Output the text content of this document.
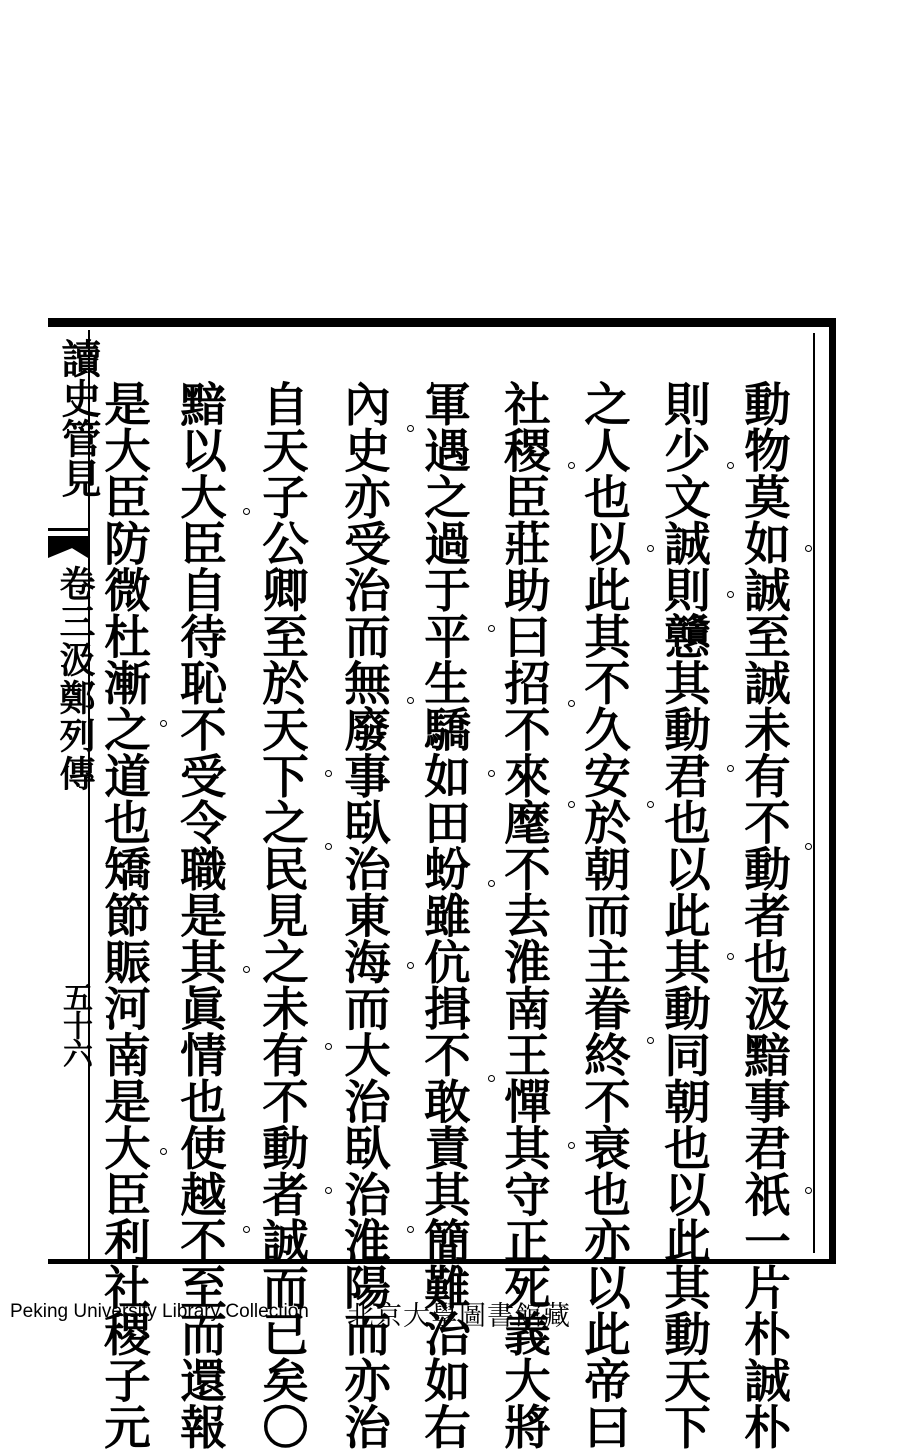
讀史管見
卷三汲鄭列傳
五十六	動物莫如誠至誠未有不動者也汲黯事君祇一片朴誠朴
則少文誠則戇其動君也以此其動同朝也以此其動天下
之人也以此其不久安於朝而主眷終不衰也亦以此帝曰
社稷臣莊助曰招不來麾不去淮南王憚其守正死義大將
軍遇之過于平生驕如田蚡雖伉揖不敢責其簡難治如右
內史亦受治而無廢事臥治東海而大治臥治淮陽而亦治
自天子公卿至於天下之民見之未有不動者誠而已矣〇
黯以大臣自待恥不受令職是其眞情也使越不至而還報
是大臣防微杜漸之道也矯節賑河南是大臣利社稷子元
Peking University Library Collection 北京大學圖書館藏
